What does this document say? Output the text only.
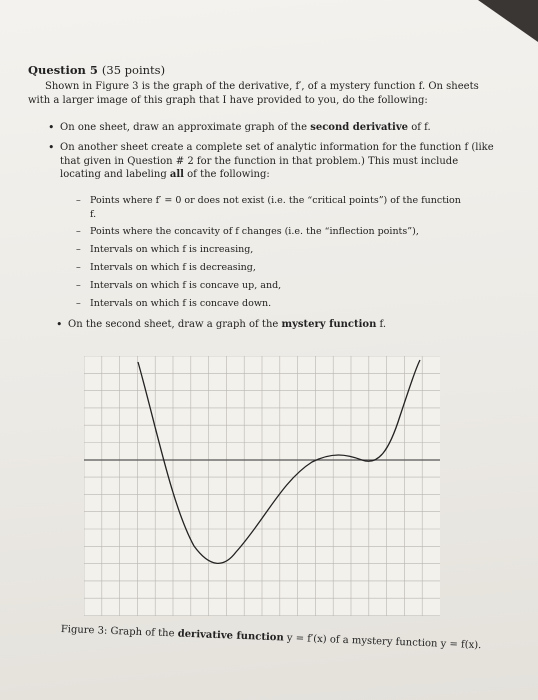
Question 5 (35 points)
Shown in Figure 3 is the graph of the derivative, f′, of a mystery function f. On sheets
with a larger image of this graph that I have provided to you, do the following:
• On one sheet, draw an approximate graph of the second derivative of f.
• On another sheet create a complete set of analytic information for the function f (like
that given in Question # 2 for the function in that problem.) This must include
locating and labeling all of the following:
– Points where f′ = 0 or does not exist (i.e. the “critical points”) of the function
f.
– Points where the concavity of f changes (i.e. the “inflection points”),
– Intervals on which f is increasing,
– Intervals on which f is decreasing,
– Intervals on which f is concave up, and,
– Intervals on which f is concave down.
• On the second sheet, draw a graph of the mystery function f.
Figure 3: Graph of the derivative function y = f′(x) of a mystery function y = f(x).
